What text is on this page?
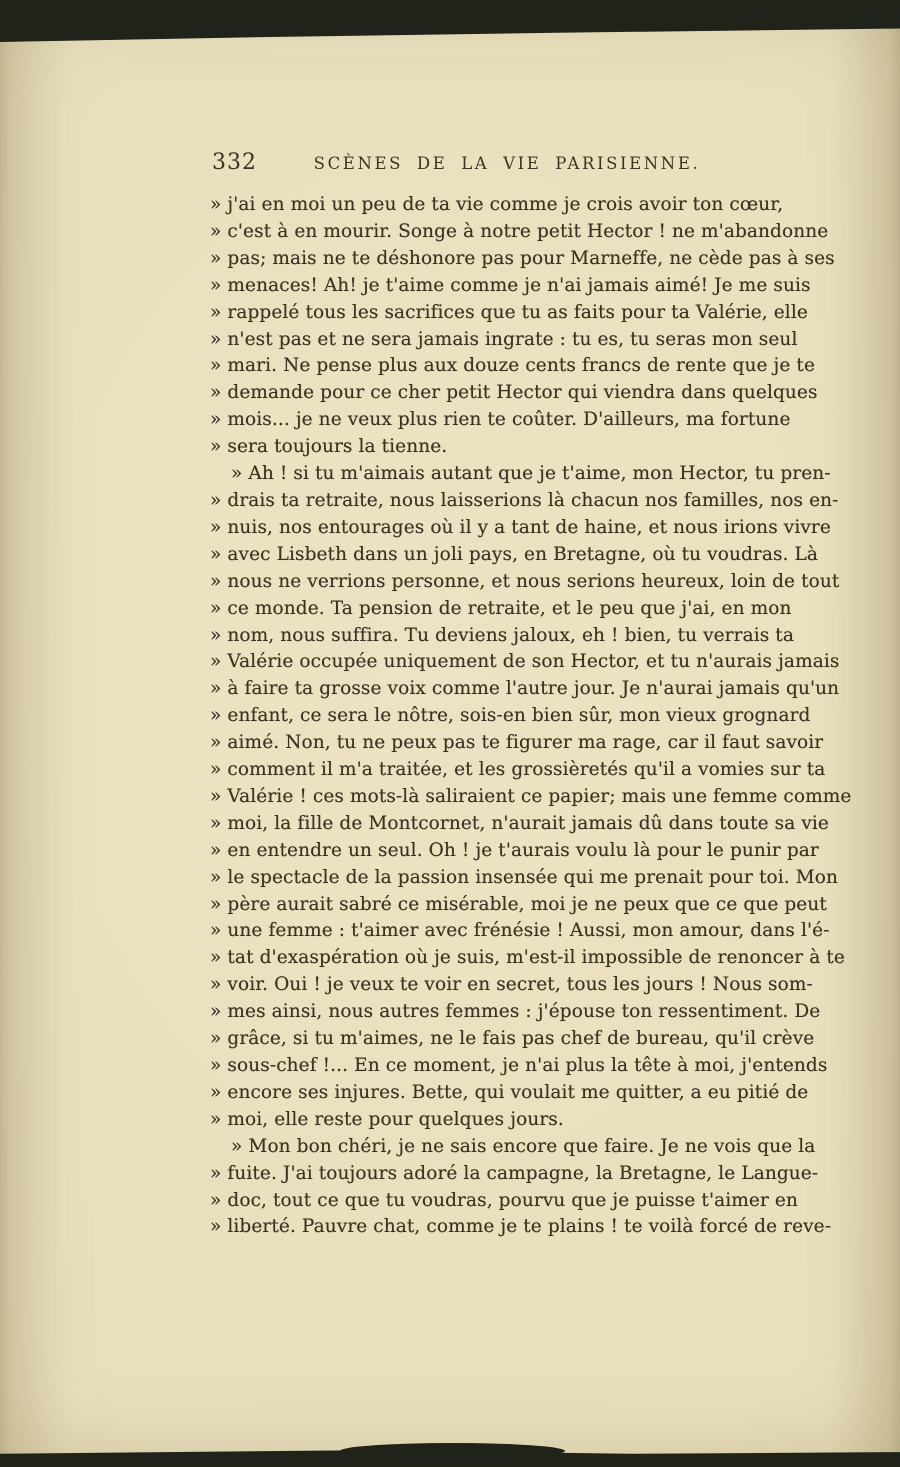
332	SCÈNES DE LA VIE PARISIENNE.
» j'ai en moi un peu de ta vie comme je crois avoir ton cœur,
» c'est à en mourir. Songe à notre petit Hector ! ne m'abandonne
» pas; mais ne te déshonore pas pour Marneffe, ne cède pas à ses
» menaces! Ah! je t'aime comme je n'ai jamais aimé! Je me suis
» rappelé tous les sacrifices que tu as faits pour ta Valérie, elle
» n'est pas et ne sera jamais ingrate : tu es, tu seras mon seul
» mari. Ne pense plus aux douze cents francs de rente que je te
» demande pour ce cher petit Hector qui viendra dans quelques
» mois... je ne veux plus rien te coûter. D'ailleurs, ma fortune
» sera toujours la tienne.
» Ah ! si tu m'aimais autant que je t'aime, mon Hector, tu pren-
» drais ta retraite, nous laisserions là chacun nos familles, nos en-
» nuis, nos entourages où il y a tant de haine, et nous irions vivre
» avec Lisbeth dans un joli pays, en Bretagne, où tu voudras. Là
» nous ne verrions personne, et nous serions heureux, loin de tout
» ce monde. Ta pension de retraite, et le peu que j'ai, en mon
» nom, nous suffira. Tu deviens jaloux, eh ! bien, tu verrais ta
» Valérie occupée uniquement de son Hector, et tu n'aurais jamais
» à faire ta grosse voix comme l'autre jour. Je n'aurai jamais qu'un
» enfant, ce sera le nôtre, sois-en bien sûr, mon vieux grognard
» aimé. Non, tu ne peux pas te figurer ma rage, car il faut savoir
» comment il m'a traitée, et les grossièretés qu'il a vomies sur ta
» Valérie ! ces mots-là saliraient ce papier; mais une femme comme
» moi, la fille de Montcornet, n'aurait jamais dû dans toute sa vie
» en entendre un seul. Oh ! je t'aurais voulu là pour le punir par
» le spectacle de la passion insensée qui me prenait pour toi. Mon
» père aurait sabré ce misérable, moi je ne peux que ce que peut
» une femme : t'aimer avec frénésie ! Aussi, mon amour, dans l'é-
» tat d'exaspération où je suis, m'est-il impossible de renoncer à te
» voir. Oui ! je veux te voir en secret, tous les jours ! Nous som-
» mes ainsi, nous autres femmes : j'épouse ton ressentiment. De
» grâce, si tu m'aimes, ne le fais pas chef de bureau, qu'il crève
» sous-chef !... En ce moment, je n'ai plus la tête à moi, j'entends
» encore ses injures. Bette, qui voulait me quitter, a eu pitié de
» moi, elle reste pour quelques jours.
» Mon bon chéri, je ne sais encore que faire. Je ne vois que la
» fuite. J'ai toujours adoré la campagne, la Bretagne, le Langue-
» doc, tout ce que tu voudras, pourvu que je puisse t'aimer en
» liberté. Pauvre chat, comme je te plains ! te voilà forcé de reve-
